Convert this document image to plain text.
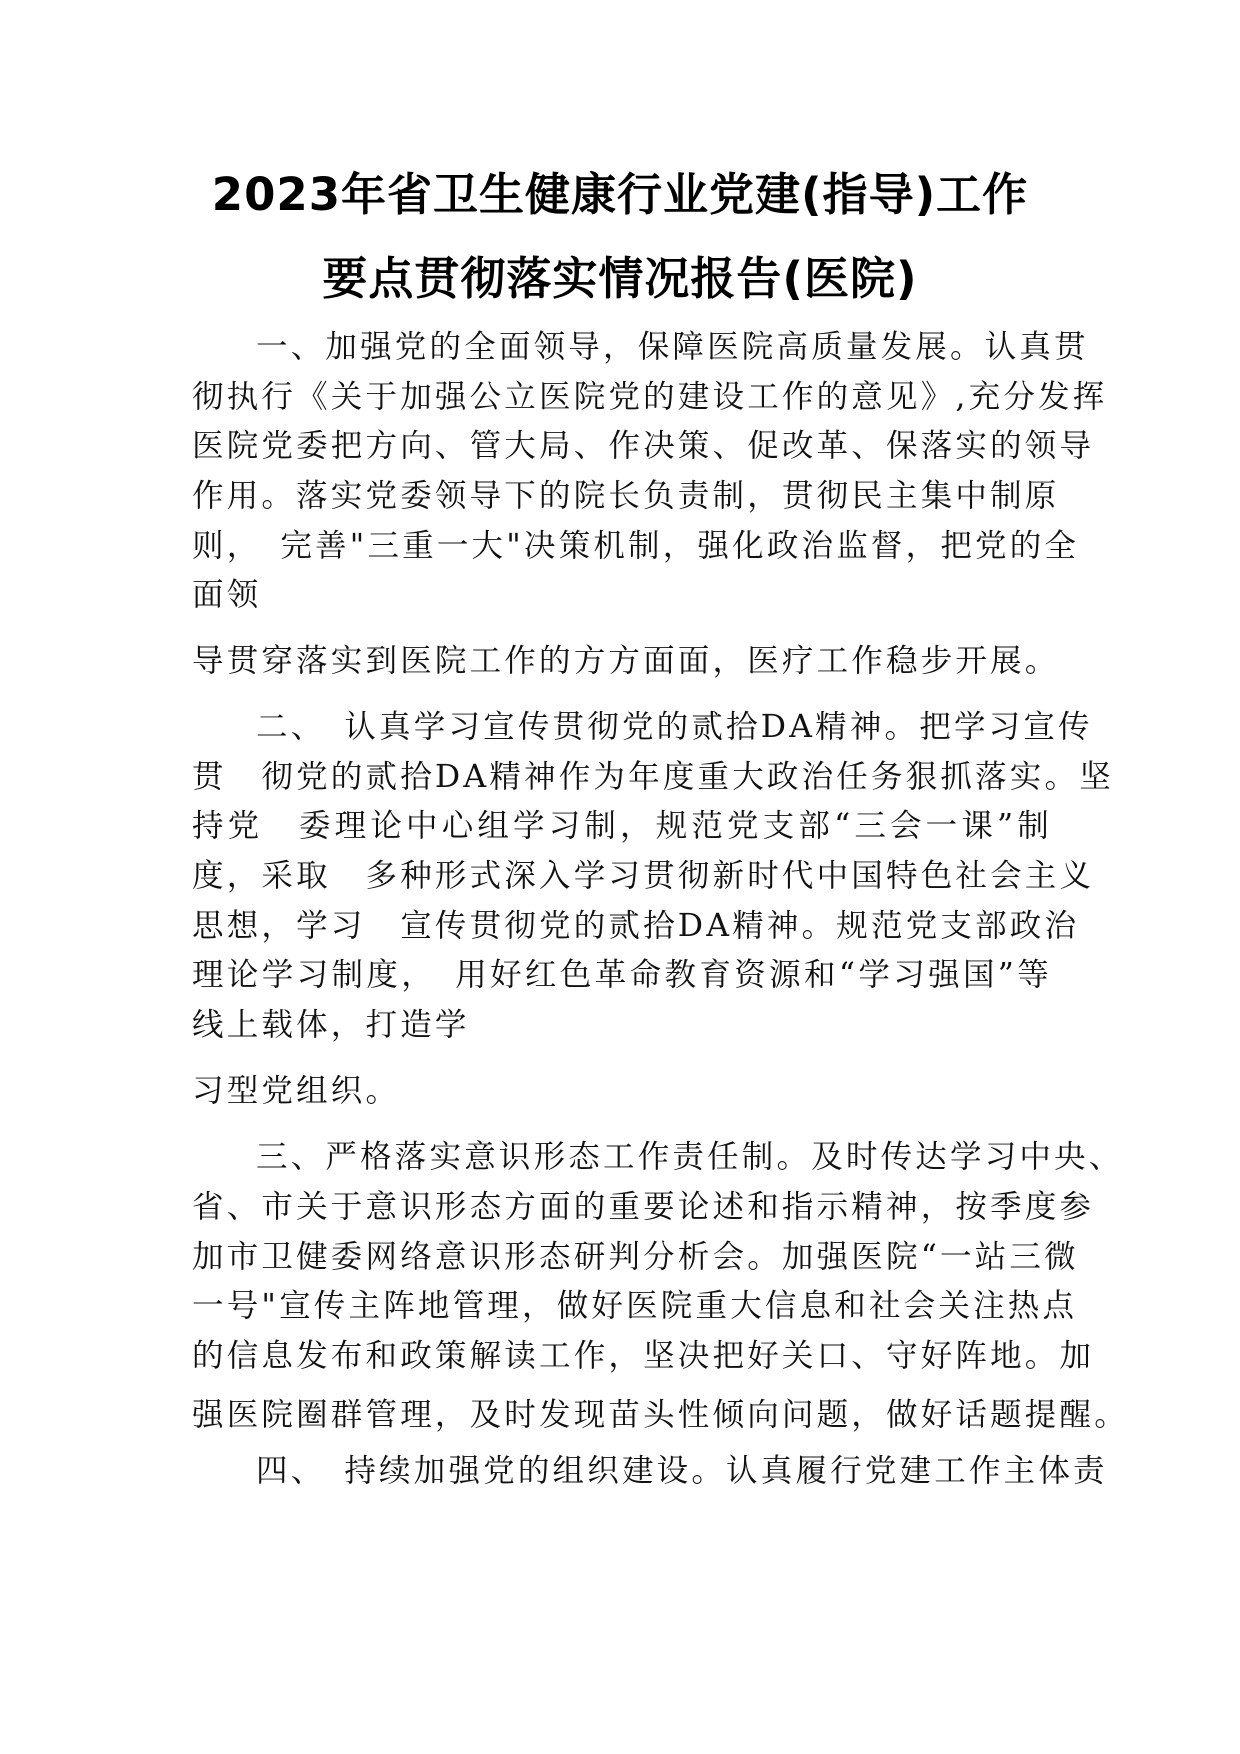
2023年省卫生健康行业党建(指导)工作
要点贯彻落实情况报告(医院)
一、加强党的全面领导，保障医院高质量发展。认真贯
彻执行《关于加强公立医院党的建设工作的意见》,充分发挥
医院党委把方向、管大局、作决策、促改革、保落实的领导
作用。落实党委领导下的院长负责制，贯彻民主集中制原
则，　完善"三重一大"决策机制，强化政治监督，把党的全
面领
导贯穿落实到医院工作的方方面面，医疗工作稳步开展。
二、　认真学习宣传贯彻党的贰拾DA精神。把学习宣传
贯　彻党的贰拾DA精神作为年度重大政治任务狠抓落实。坚
持党　委理论中心组学习制，规范党支部“三会一课”制
度，采取　多种形式深入学习贯彻新时代中国特色社会主义
思想，学习　宣传贯彻党的贰拾DA精神。规范党支部政治
理论学习制度，　用好红色革命教育资源和“学习强国”等
线上载体，打造学
习型党组织。
三、严格落实意识形态工作责任制。及时传达学习中央、
省、市关于意识形态方面的重要论述和指示精神，按季度参
加市卫健委网络意识形态研判分析会。加强医院“一站三微
一号"宣传主阵地管理，做好医院重大信息和社会关注热点
的信息发布和政策解读工作，坚决把好关口、守好阵地。加
强医院圈群管理，及时发现苗头性倾向问题，做好话题提醒。
四、　持续加强党的组织建设。认真履行党建工作主体责
